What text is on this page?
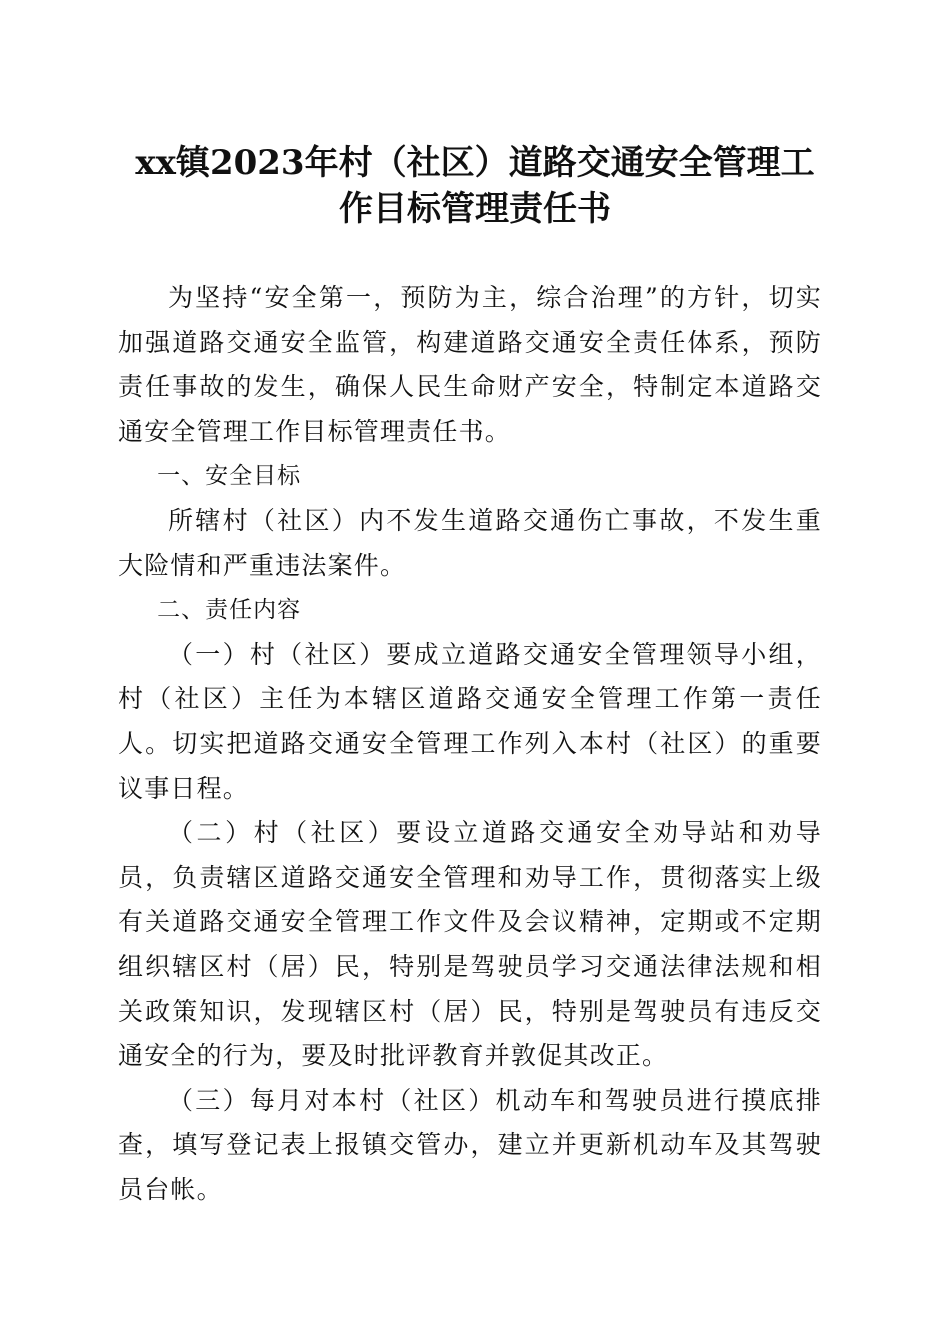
xx镇2023年村（社区）道路交通安全管理工
作目标管理责任书

为坚持“安全第一，预防为主，综合治理”的方针，切实加强道路交通安全监管，构建道路交通安全责任体系，预防责任事故的发生，确保人民生命财产安全，特制定本道路交通安全管理工作目标管理责任书。

一、安全目标

所辖村（社区）内不发生道路交通伤亡事故，不发生重大险情和严重违法案件。

二、责任内容

（一）村（社区）要成立道路交通安全管理领导小组，村（社区）主任为本辖区道路交通安全管理工作第一责任人。切实把道路交通安全管理工作列入本村（社区）的重要议事日程。

（二）村（社区）要设立道路交通安全劝导站和劝导员，负责辖区道路交通安全管理和劝导工作，贯彻落实上级有关道路交通安全管理工作文件及会议精神，定期或不定期组织辖区村（居）民，特别是驾驶员学习交通法律法规和相关政策知识，发现辖区村（居）民，特别是驾驶员有违反交通安全的行为，要及时批评教育并敦促其改正。

（三）每月对本村（社区）机动车和驾驶员进行摸底排查，填写登记表上报镇交管办，建立并更新机动车及其驾驶员台帐。
